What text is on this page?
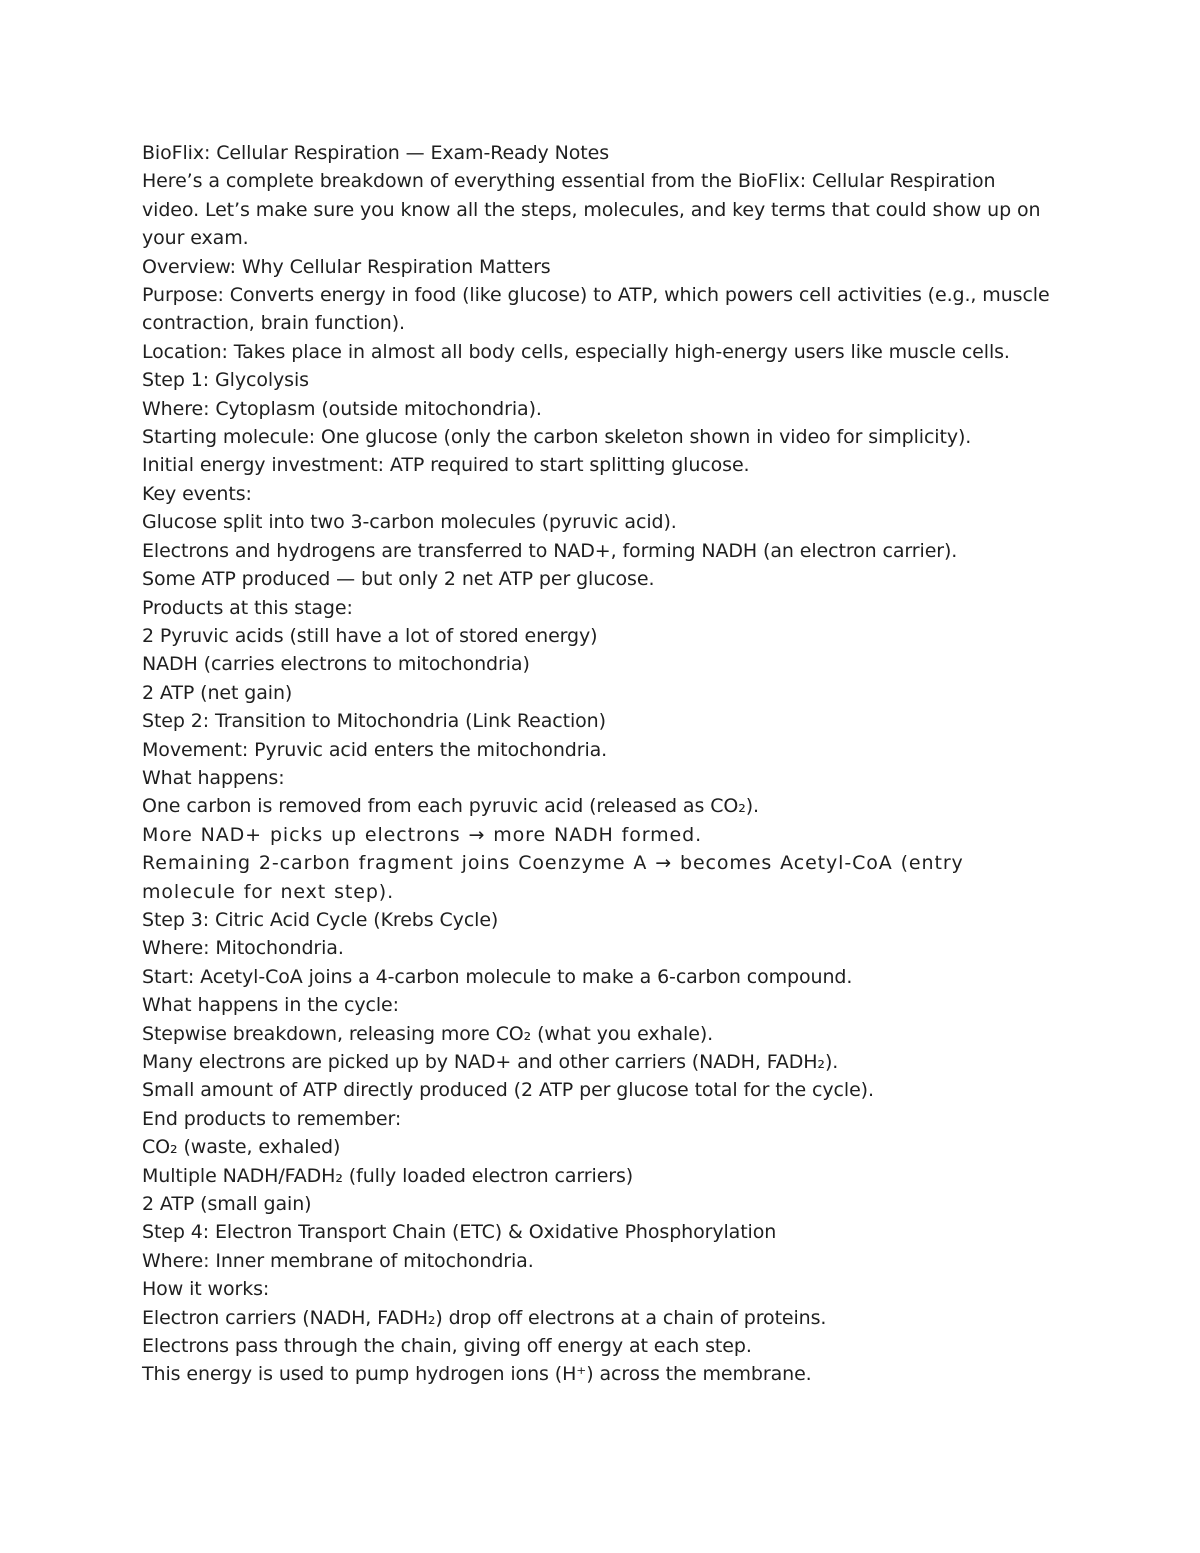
BioFlix: Cellular Respiration — Exam-Ready Notes

Here’s a complete breakdown of everything essential from the BioFlix: Cellular Respiration video. Let’s make sure you know all the steps, molecules, and key terms that could show up on your exam.

Overview: Why Cellular Respiration Matters

Purpose: Converts energy in food (like glucose) to ATP, which powers cell activities (e.g., muscle contraction, brain function).

Location: Takes place in almost all body cells, especially high-energy users like muscle cells.

Step 1: Glycolysis

Where: Cytoplasm (outside mitochondria).

Starting molecule: One glucose (only the carbon skeleton shown in video for simplicity).

Initial energy investment: ATP required to start splitting glucose.

Key events:

Glucose split into two 3-carbon molecules (pyruvic acid).

Electrons and hydrogens are transferred to NAD+, forming NADH (an electron carrier).

Some ATP produced — but only 2 net ATP per glucose.

Products at this stage:

2 Pyruvic acids (still have a lot of stored energy)

NADH (carries electrons to mitochondria)

2 ATP (net gain)

Step 2: Transition to Mitochondria (Link Reaction)

Movement: Pyruvic acid enters the mitochondria.

What happens:

One carbon is removed from each pyruvic acid (released as CO₂).

More NAD+ picks up electrons → more NADH formed.

Remaining 2-carbon fragment joins Coenzyme A → becomes Acetyl-CoA (entry molecule for next step).

Step 3: Citric Acid Cycle (Krebs Cycle)

Where: Mitochondria.

Start: Acetyl-CoA joins a 4-carbon molecule to make a 6-carbon compound.

What happens in the cycle:

Stepwise breakdown, releasing more CO₂ (what you exhale).

Many electrons are picked up by NAD+ and other carriers (NADH, FADH₂).

Small amount of ATP directly produced (2 ATP per glucose total for the cycle).

End products to remember:

CO₂ (waste, exhaled)

Multiple NADH/FADH₂ (fully loaded electron carriers)

2 ATP (small gain)

Step 4: Electron Transport Chain (ETC) & Oxidative Phosphorylation

Where: Inner membrane of mitochondria.

How it works:

Electron carriers (NADH, FADH₂) drop off electrons at a chain of proteins.

Electrons pass through the chain, giving off energy at each step.

This energy is used to pump hydrogen ions (H⁺) across the membrane.
